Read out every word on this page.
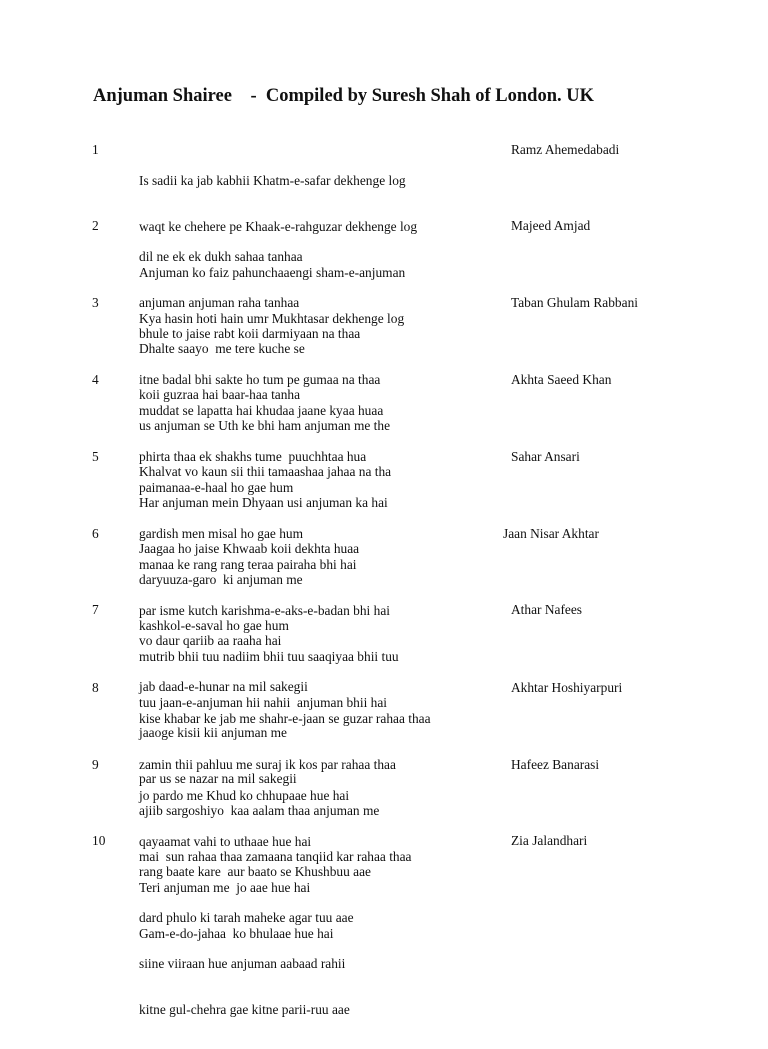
Anjuman Shairee    -  Compiled by Suresh Shah of London. UK
1

Is sadii ka jab kabhii Khatm-e-safar dekhenge log

waqt ke chehere pe Khaak-e-rahguzar dekhenge log

Anjuman ko faiz pahunchaaengi sham-e-anjuman

Kya hasin hoti hain umr Mukhtasar dekhenge log

Ramz Ahemedabadi
2

dil ne ek ek dukh sahaa tanhaa

anjuman anjuman raha tanhaa

Dhalte saayo  me tere kuche se

koii guzraa hai baar-haa tanha

Majeed Amjad
3

bhule to jaise rabt koii darmiyaan na thaa

itne badal bhi sakte ho tum pe gumaa na thaa

us anjuman se Uth ke bhi ham anjuman me the

Khalvat vo kaun sii thii tamaashaa jahaa na tha

Taban Ghulam Rabbani
4

muddat se lapatta hai khudaa jaane kyaa huaa

phirta thaa ek shakhs tume  puuchhtaa hua

Har anjuman mein Dhyaan usi anjuman ka hai

Jaagaa ho jaise Khwaab koii dekhta huaa

Akhta Saeed Khan
5

paimanaa-e-haal ho gae hum

gardish men misal ho gae hum

daryuuza-garo  ki anjuman me

kashkol-e-saval ho gae hum

Sahar Ansari
6

manaa ke rang rang teraa pairaha bhi hai

par isme kutch karishma-e-aks-e-badan bhi hai

mutrib bhii tuu nadiim bhii tuu saaqiyaa bhii tuu

tuu jaan-e-anjuman hii nahii  anjuman bhii hai

Jaan Nisar Akhtar
7

vo daur qariib aa raaha hai

jab daad-e-hunar na mil sakegii

jaaoge kisii kii anjuman me

par us se nazar na mil sakegii

Athar Nafees
8

kise khabar ke jab me shahr-e-jaan se guzar rahaa thaa

zamin thii pahluu me suraj ik kos par rahaa thaa

ajiib sargoshiyo  kaa aalam thaa anjuman me

mai  sun rahaa thaa zamaana tanqiid kar rahaa thaa

Akhtar Hoshiyarpuri
9

jo pardo me Khud ko chhupaae hue hai

qayaamat vahi to uthaae hue hai

Teri anjuman me  jo aae hue hai

Gam-e-do-jahaa  ko bhulaae hue hai

Hafeez Banarasi
10

rang baate kare  aur baato se Khushbuu aae

dard phulo ki tarah maheke agar tuu aae

siine viiraan hue anjuman aabaad rahii

kitne gul-chehra gae kitne parii-ruu aae

Zia Jalandhari
